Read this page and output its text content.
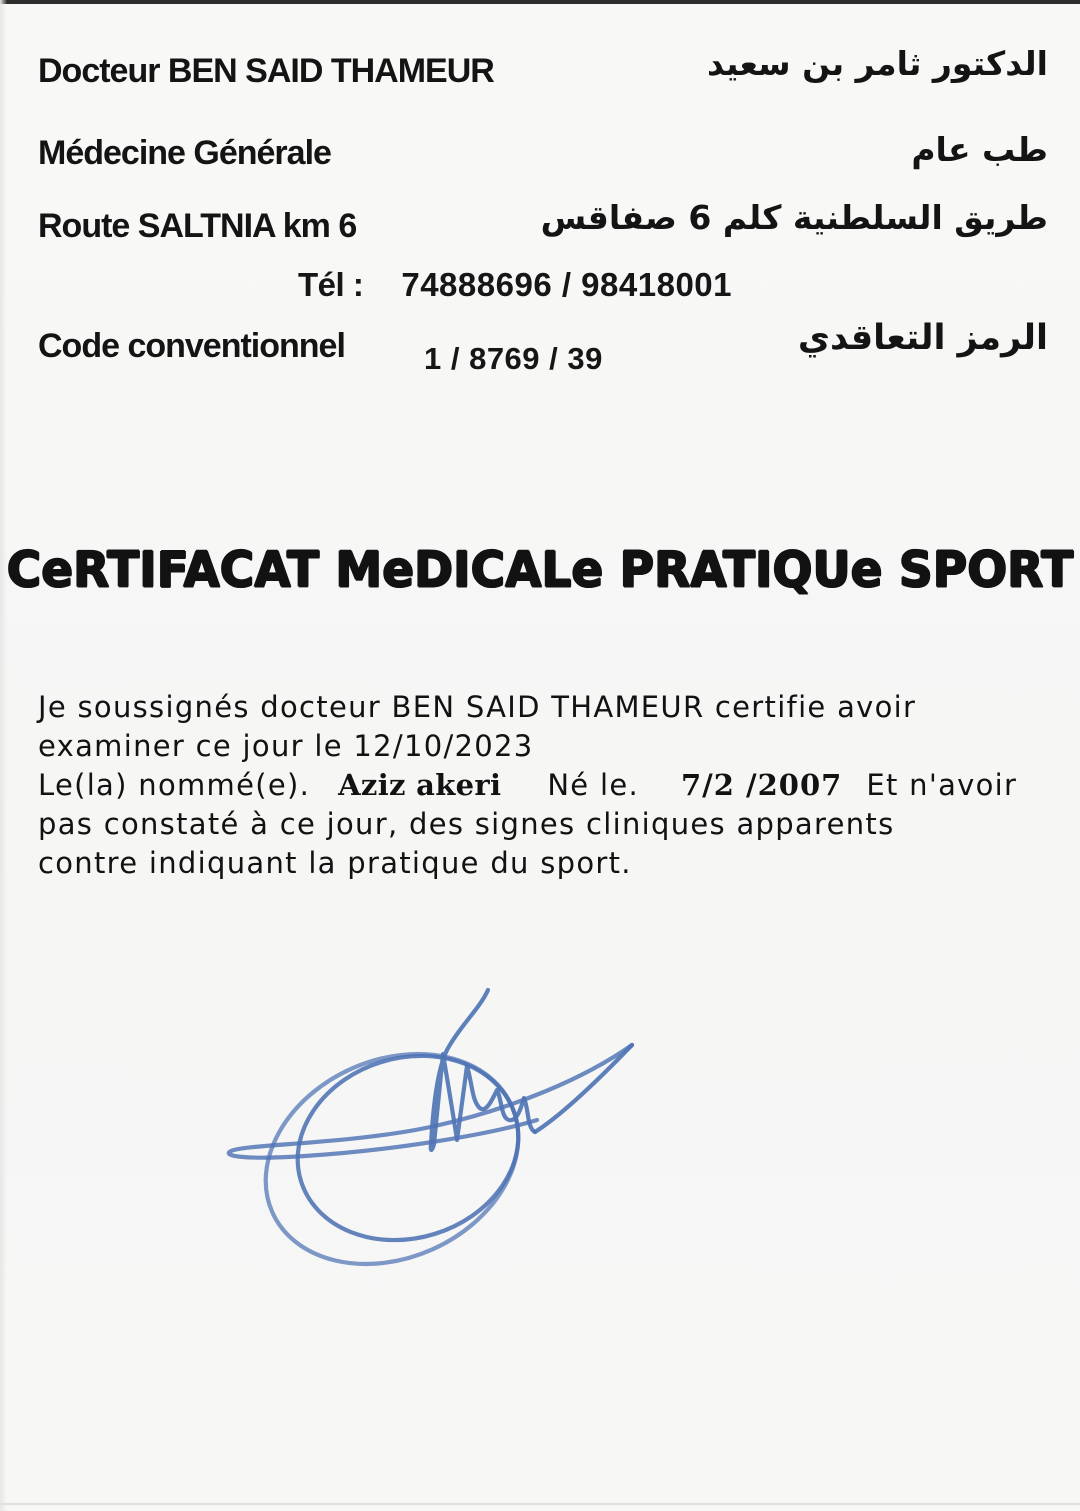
Docteur BEN SAID THAMEUR	الدكتور ثامر بن سعيد
Médecine Générale	طب عام
Route SALTNIA km 6	طريق السلطنية كلم 6 صفاقس
Tél : 74888696 / 98418001
Code conventionnel	1 / 8769 / 39
الرمز التعاقدي
CeRTIFACAT MeDICALe PRATIQUe SPORT
Je soussignés docteur BEN SAID THAMEUR certifie avoir
examiner ce jour le 12/10/2023
Le(la) nommé(e). Aziz akeri Né le. 7/2 /2007 Et n'avoir
pas constaté à ce jour, des signes cliniques apparents
contre indiquant la pratique du sport.
